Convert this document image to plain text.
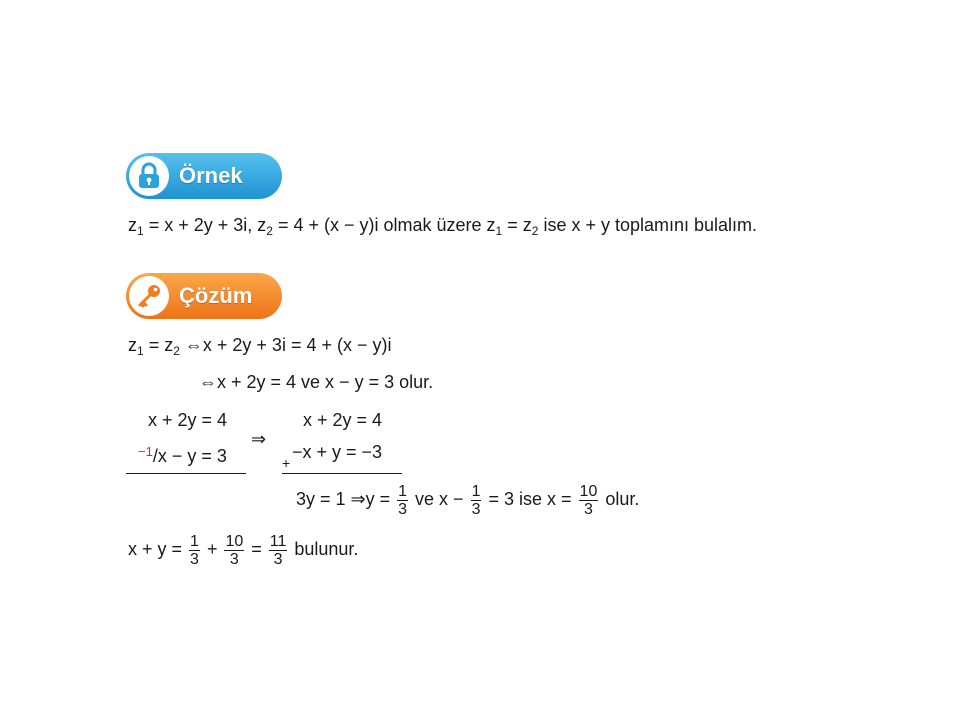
Örnek
$z_1 = x + 2y + 3i$, $z_2 = 4 + (x - y)i$ olmak üzere $z_1 = z_2$ ise x + y toplamını bulalım.
Çözüm
$z_1 = z_2$ ⇔x + 2y + 3i = 4 + (x − y)i
⇔x + 2y = 4 ve x − y = 3 olur.
x + 2y = 4
$^{-1}$/x − y = 3
⇒
x + 2y = 4
−x + y = −3
+
3y = 1 ⇒y = $\frac{1}{3}$ ve $x - \frac{1}{3} = 3$ ise $x = \frac{10}{3}$ olur.
$x + y = \frac{1}{3} + \frac{10}{3} = \frac{11}{3}$ bulunur.
